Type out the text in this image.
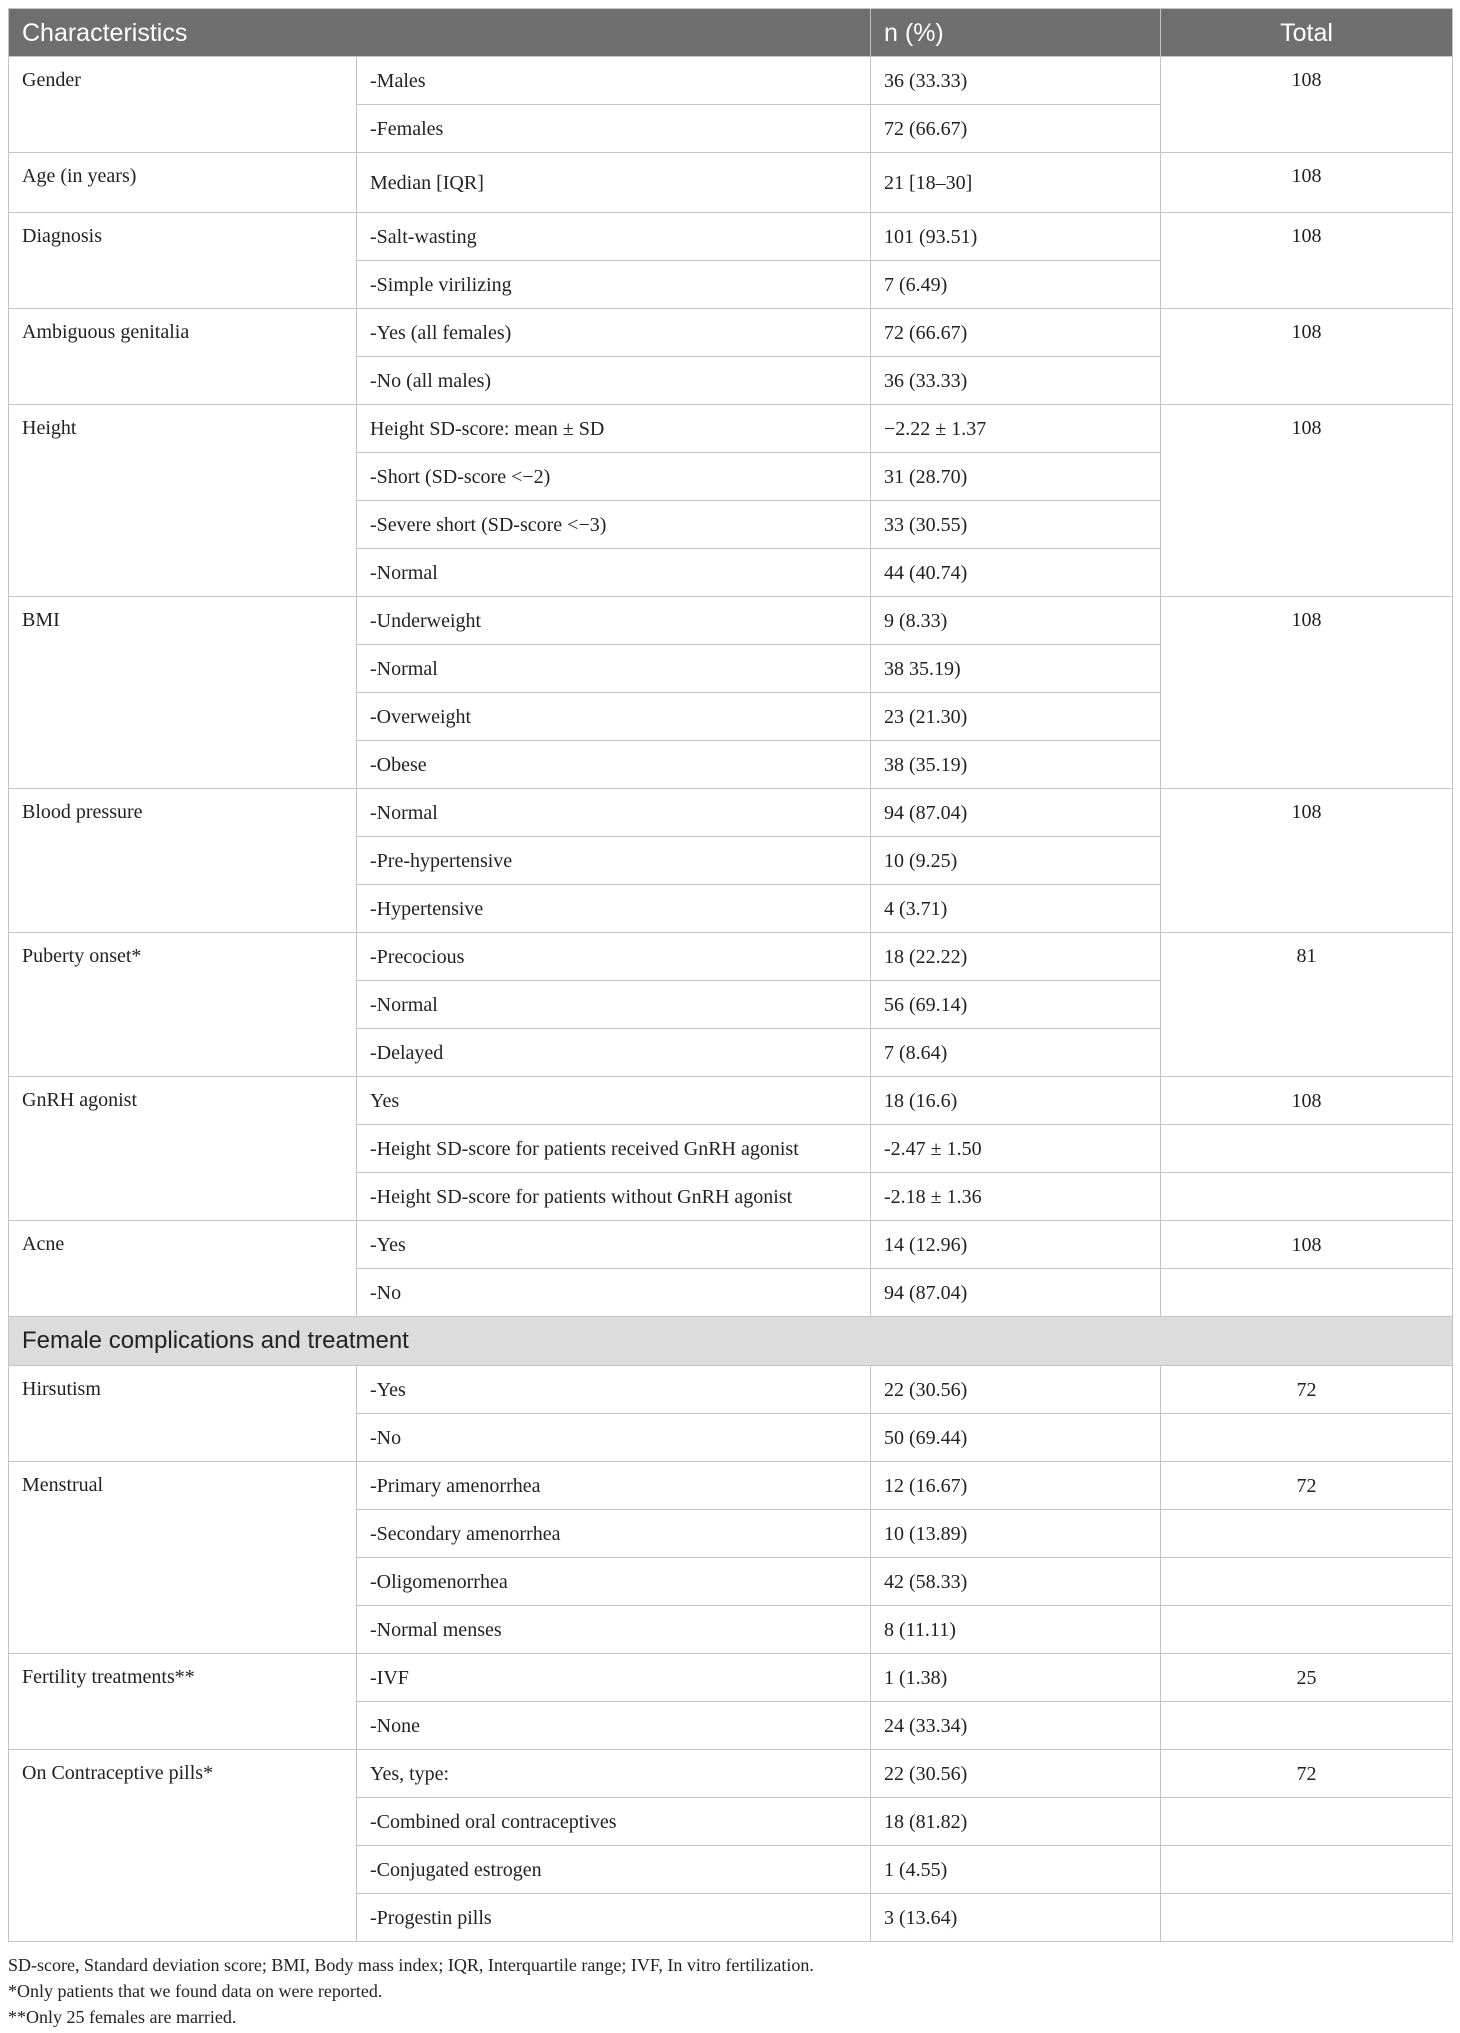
Characteristics		n (%)	Total
Gender	-Males	36 (33.33)	108
	-Females	72 (66.67)	
Age (in years)	Median [IQR]	21 [18–30]	108
Diagnosis	-Salt-wasting	101 (93.51)	108
	-Simple virilizing	7 (6.49)	
Ambiguous genitalia	-Yes (all females)	72 (66.67)	108
	-No (all males)	36 (33.33)	
Height	Height SD-score: mean ± SD	−2.22 ± 1.37	108
	-Short (SD-score <−2)	31 (28.70)	
	-Severe short (SD-score <−3)	33 (30.55)	
	-Normal	44 (40.74)	
BMI	-Underweight	9 (8.33)	108
	-Normal	38 35.19)	
	-Overweight	23 (21.30)	
	-Obese	38 (35.19)	
Blood pressure	-Normal	94 (87.04)	108
	-Pre-hypertensive	10 (9.25)	
	-Hypertensive	4 (3.71)	
Puberty onset*	-Precocious	18 (22.22)	81
	-Normal	56 (69.14)	
	-Delayed	7 (8.64)	
GnRH agonist	Yes	18 (16.6)	108
	-Height SD-score for patients received GnRH agonist	-2.47 ± 1.50	
	-Height SD-score for patients without GnRH agonist	-2.18 ± 1.36	
Acne	-Yes	14 (12.96)	108
	-No	94 (87.04)	
Female complications and treatment			
Hirsutism	-Yes	22 (30.56)	72
	-No	50 (69.44)	
Menstrual	-Primary amenorrhea	12 (16.67)	72
	-Secondary amenorrhea	10 (13.89)	
	-Oligomenorrhea	42 (58.33)	
	-Normal menses	8 (11.11)	
Fertility treatments**	-IVF	1 (1.38)	25
	-None	24 (33.34)	
On Contraceptive pills*	Yes, type:	22 (30.56)	72
	-Combined oral contraceptives	18 (81.82)	
	-Conjugated estrogen	1 (4.55)	
	-Progestin pills	3 (13.64)	
SD-score, Standard deviation score; BMI, Body mass index; IQR, Interquartile range; IVF, In vitro fertilization.
*Only patients that we found data on were reported.
**Only 25 females are married.
